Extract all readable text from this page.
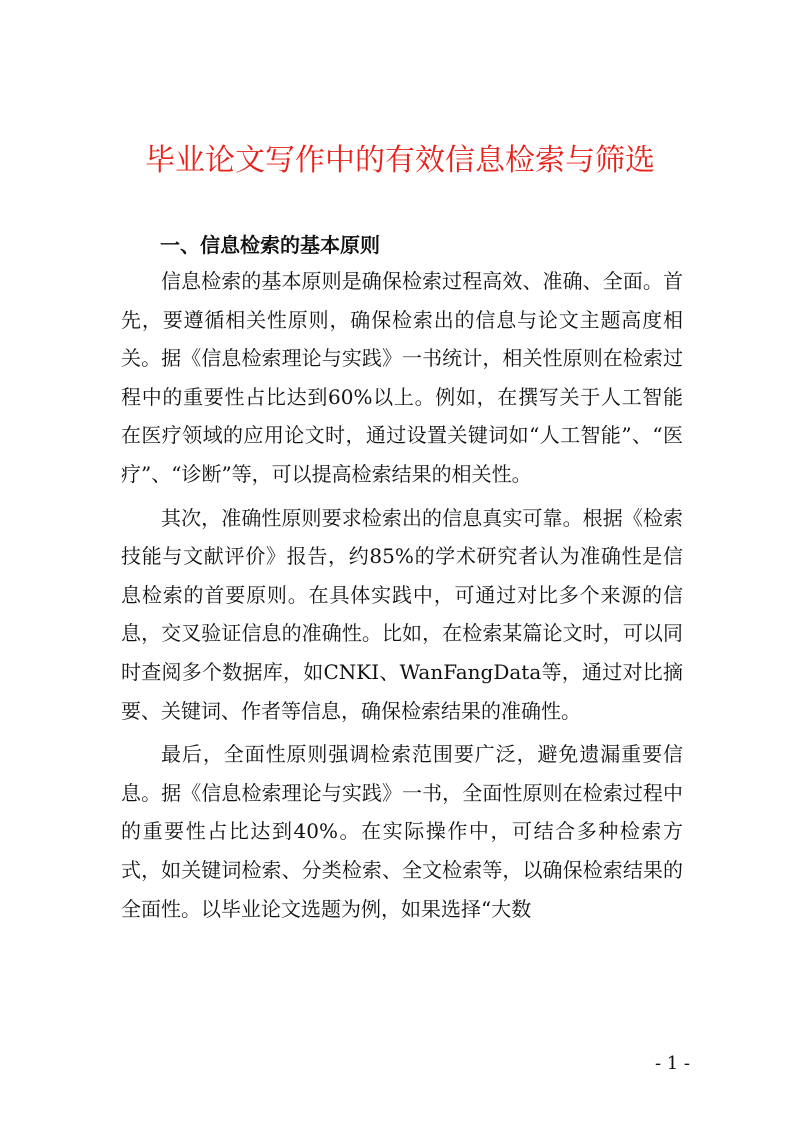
毕业论文写作中的有效信息检索与筛选
一、信息检索的基本原则

信息检索的基本原则是确保检索过程高效、准确、全面。首先，要遵循相关性原则，确保检索出的信息与论文主题高度相关。据《信息检索理论与实践》一书统计，相关性原则在检索过程中的重要性占比达到60%以上。例如，在撰写关于人工智能在医疗领域的应用论文时，通过设置关键词如“人工智能”、“医疗”、“诊断”等，可以提高检索结果的相关性。

其次，准确性原则要求检索出的信息真实可靠。根据《检索技能与文献评价》报告，约85%的学术研究者认为准确性是信息检索的首要原则。在具体实践中，可通过对比多个来源的信息，交叉验证信息的准确性。比如，在检索某篇论文时，可以同时查阅多个数据库，如CNKI、WanFangData等，通过对比摘要、关键词、作者等信息，确保检索结果的准确性。

最后，全面性原则强调检索范围要广泛，避免遗漏重要信息。据《信息检索理论与实践》一书，全面性原则在检索过程中的重要性占比达到40%。在实际操作中，可结合多种检索方式，如关键词检索、分类检索、全文检索等，以确保检索结果的全面性。以毕业论文选题为例，如果选择“大数

- 1 -
